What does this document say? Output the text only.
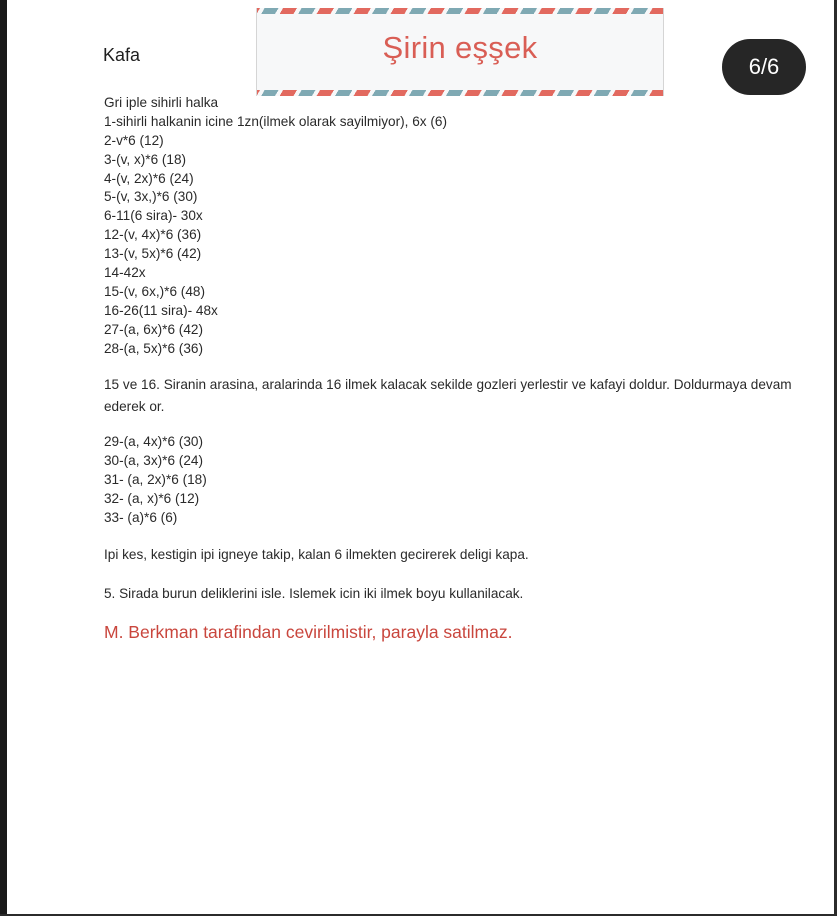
Şirin eşşek
6/6
Kafa
Gri iple sihirli halka
1-sihirli halkanin icine 1zn(ilmek olarak sayilmiyor), 6x (6)
2-v*6 (12)
3-(v, x)*6 (18)
4-(v, 2x)*6 (24)
5-(v, 3x,)*6 (30)
6-11(6 sira)- 30x
12-(v, 4x)*6 (36)
13-(v, 5x)*6 (42)
14-42x
15-(v, 6x,)*6 (48)
16-26(11 sira)- 48x
27-(a, 6x)*6 (42)
28-(a, 5x)*6 (36)
15 ve 16. Siranin arasina, aralarinda 16 ilmek kalacak sekilde gozleri yerlestir ve kafayi doldur. Doldurmaya devam ederek or.
29-(a, 4x)*6 (30)
30-(a, 3x)*6 (24)
31- (a, 2x)*6 (18)
32- (a, x)*6 (12)
33- (a)*6 (6)
Ipi kes, kestigin ipi igneye takip, kalan 6 ilmekten gecirerek deligi kapa.
5. Sirada burun deliklerini isle. Islemek icin iki ilmek boyu kullanilacak.
M. Berkman tarafindan cevirilmistir, parayla satilmaz.
